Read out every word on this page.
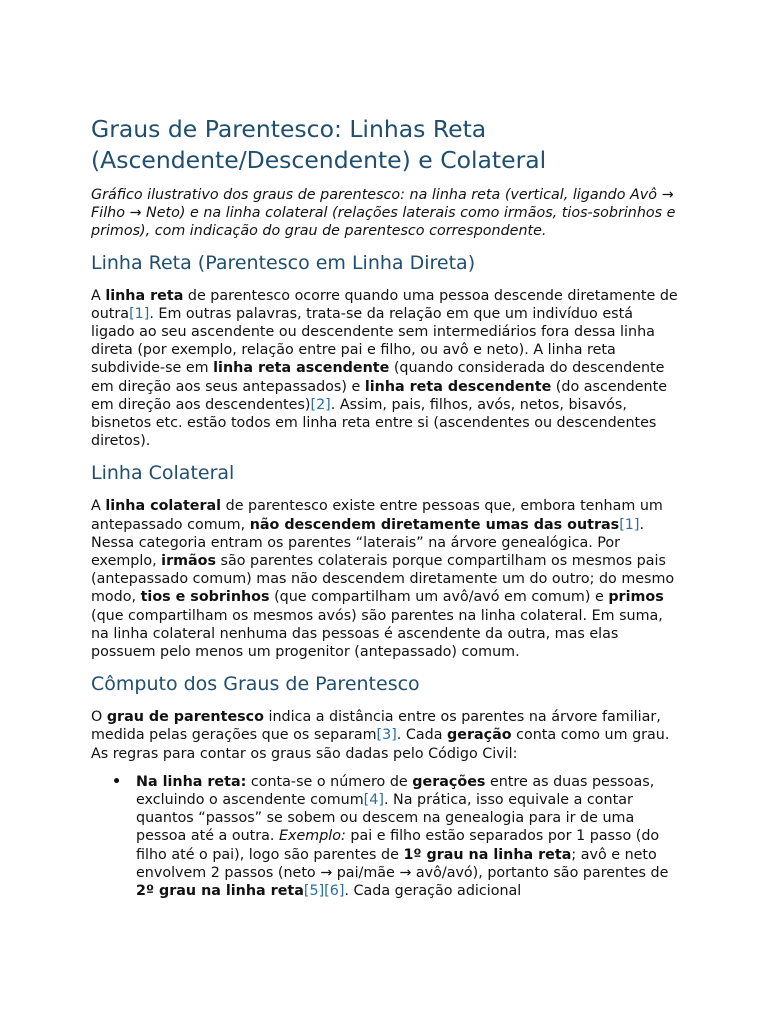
Graus de Parentesco: Linhas Reta (Ascendente/Descendente) e Colateral

Gráfico ilustrativo dos graus de parentesco: na linha reta (vertical, ligando Avô → Filho → Neto) e na linha colateral (relações laterais como irmãos, tios-sobrinhos e primos), com indicação do grau de parentesco correspondente.

Linha Reta (Parentesco em Linha Direta)

A linha reta de parentesco ocorre quando uma pessoa descende diretamente de outra[1]. Em outras palavras, trata-se da relação em que um indivíduo está ligado ao seu ascendente ou descendente sem intermediários fora dessa linha direta (por exemplo, relação entre pai e filho, ou avô e neto). A linha reta subdivide-se em linha reta ascendente (quando considerada do descendente em direção aos seus antepassados) e linha reta descendente (do ascendente em direção aos descendentes)[2]. Assim, pais, filhos, avós, netos, bisavós, bisnetos etc. estão todos em linha reta entre si (ascendentes ou descendentes diretos).

Linha Colateral

A linha colateral de parentesco existe entre pessoas que, embora tenham um antepassado comum, não descendem diretamente umas das outras[1]. Nessa categoria entram os parentes “laterais” na árvore genealógica. Por exemplo, irmãos são parentes colaterais porque compartilham os mesmos pais (antepassado comum) mas não descendem diretamente um do outro; do mesmo modo, tios e sobrinhos (que compartilham um avô/avó em comum) e primos (que compartilham os mesmos avós) são parentes na linha colateral. Em suma, na linha colateral nenhuma das pessoas é ascendente da outra, mas elas possuem pelo menos um progenitor (antepassado) comum.

Cômputo dos Graus de Parentesco

O grau de parentesco indica a distância entre os parentes na árvore familiar, medida pelas gerações que os separam[3]. Cada geração conta como um grau. As regras para contar os graus são dadas pelo Código Civil:

• Na linha reta: conta-se o número de gerações entre as duas pessoas, excluindo o ascendente comum[4]. Na prática, isso equivale a contar quantos “passos” se sobem ou descem na genealogia para ir de uma pessoa até a outra. Exemplo: pai e filho estão separados por 1 passo (do filho até o pai), logo são parentes de 1º grau na linha reta; avô e neto envolvem 2 passos (neto → pai/mãe → avô/avó), portanto são parentes de 2º grau na linha reta[5][6]. Cada geração adicional
